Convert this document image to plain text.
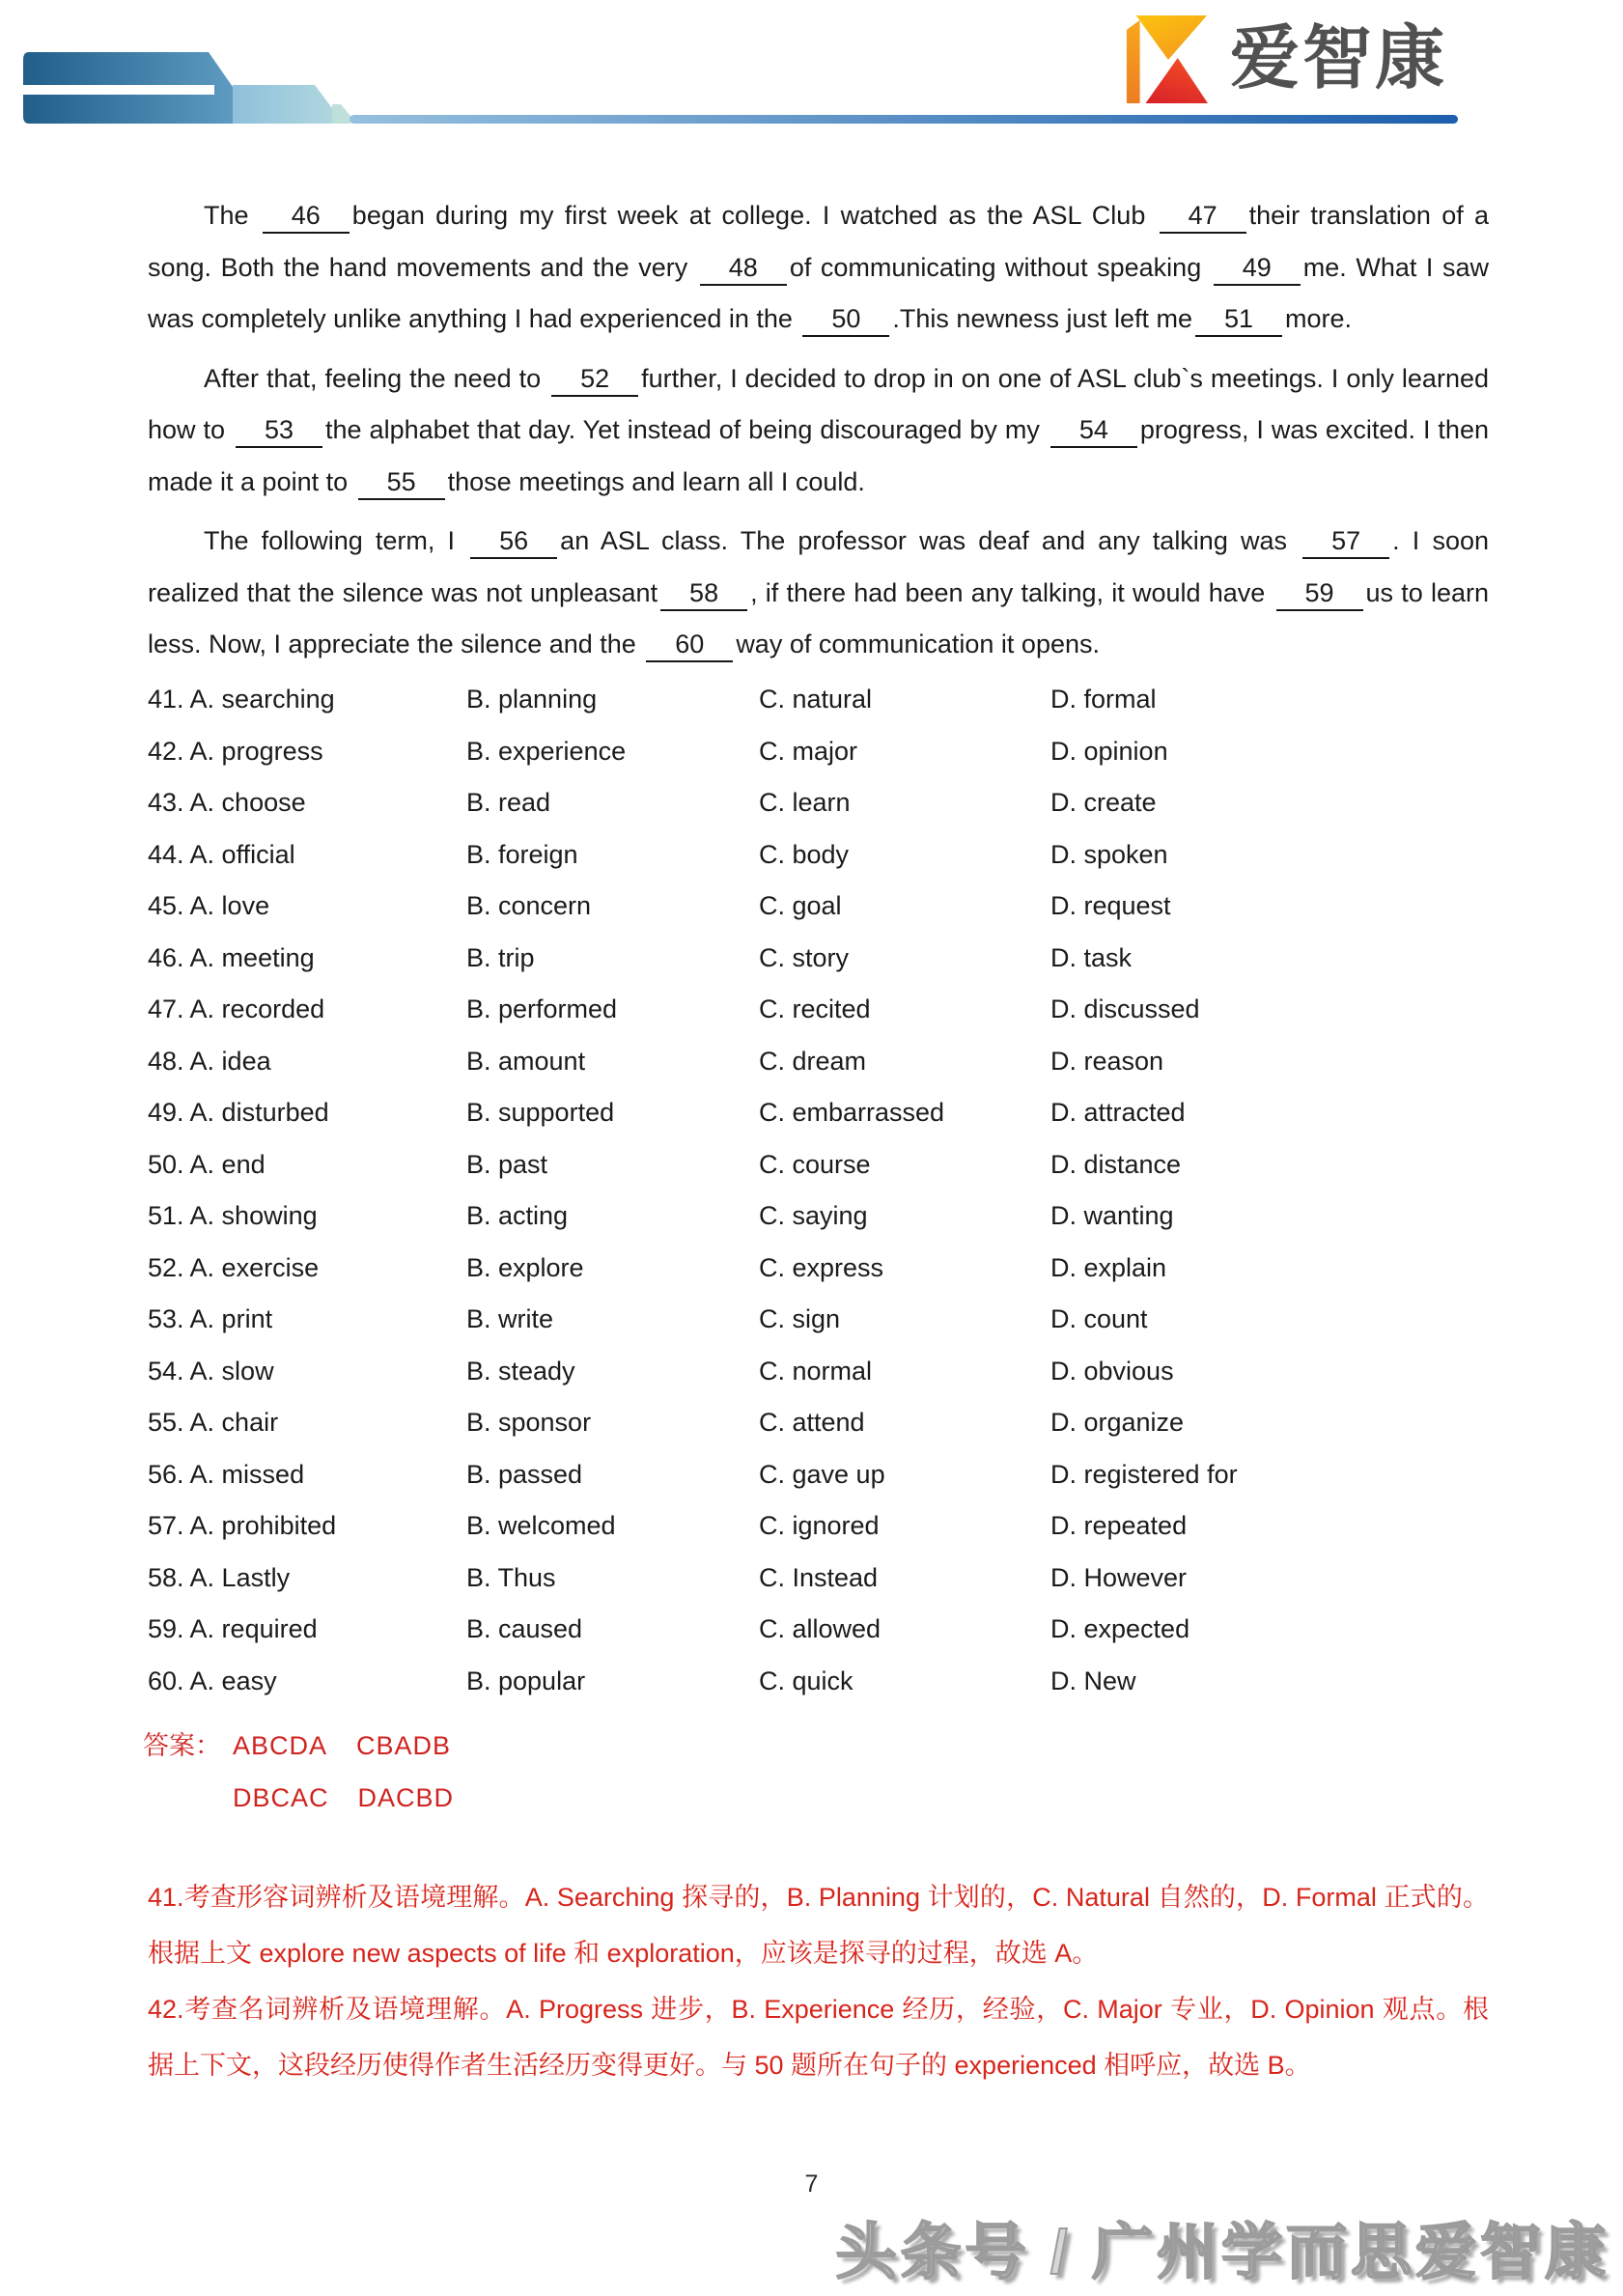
爱智康

The 46 began during my first week at college. I watched as the ASL Club 47 their translation of a song. Both the hand movements and the very 48 of communicating without speaking 49 me. What I saw was completely unlike anything I had experienced in the 50 .This newness just left me 51 more.

After that, feeling the need to 52 further, I decided to drop in on one of ASL club`s meetings. I only learned how to 53 the alphabet that day. Yet instead of being discouraged by my 54 progress, I was excited. I then made it a point to 55 those meetings and learn all I could.

The following term, I 56 an ASL class. The professor was deaf and any talking was 57 . I soon realized that the silence was not unpleasant 58 , if there had been any talking, it would have 59 us to learn less. Now, I appreciate the silence and the 60 way of communication it opens.

41. A. searching	B. planning	C. natural	D. formal
42. A. progress	B. experience	C. major	D. opinion
43. A. choose	B. read	C. learn	D. create
44. A. official	B. foreign	C. body	D. spoken
45. A. love	B. concern	C. goal	D. request
46. A. meeting	B. trip	C. story	D. task
47. A. recorded	B. performed	C. recited	D. discussed
48. A. idea	B. amount	C. dream	D. reason
49. A. disturbed	B. supported	C. embarrassed	D. attracted
50. A. end	B. past	C. course	D. distance
51. A. showing	B. acting	C. saying	D. wanting
52. A. exercise	B. explore	C. express	D. explain
53. A. print	B. write	C. sign	D. count
54. A. slow	B. steady	C. normal	D. obvious
55. A. chair	B. sponsor	C. attend	D. organize
56. A. missed	B. passed	C. gave up	D. registered for
57. A. prohibited	B. welcomed	C. ignored	D. repeated
58. A. Lastly	B. Thus	C. Instead	D. However
59. A. required	B. caused	C. allowed	D. expected
60. A. easy	B. popular	C. quick	D. New
答案： ABCDA CBADB
DBCAC DACBD

41.考查形容词辨析及语境理解。A. Searching 探寻的，B. Planning 计划的，C. Natural 自然的，D. Formal 正式的。根据上文 explore new aspects of life 和 exploration，应该是探寻的过程，故选 A。

42.考查名词辨析及语境理解。A. Progress 进步，B. Experience 经历，经验，C. Major 专业，D. Opinion 观点。根据上下文，这段经历使得作者生活经历变得更好。与 50 题所在句子的 experienced 相呼应，故选 B。

7
头条号 / 广州学而思爱智康
